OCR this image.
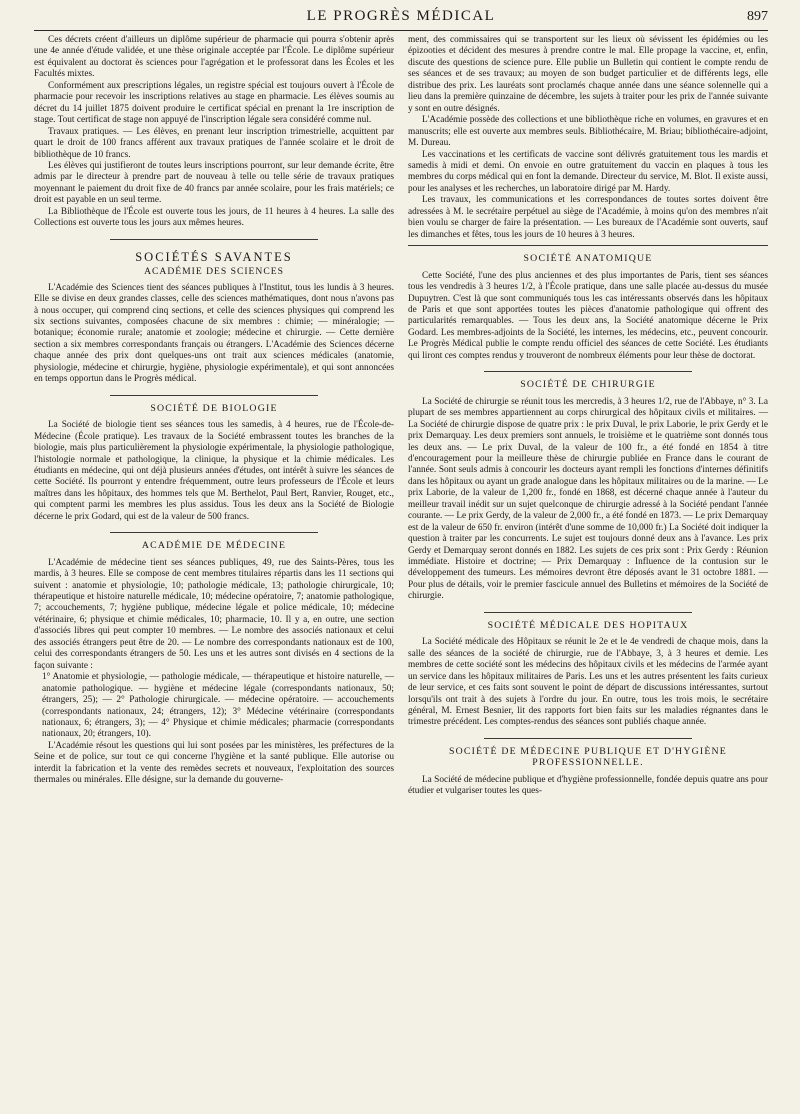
LE PROGRÈS MÉDICAL	897

Ces décrets créent d'ailleurs un diplôme supérieur de pharmacie qui pourra s'obtenir après une 4e année d'étude validée, et une thèse originale acceptée par l'École. Le diplôme supérieur est équivalent au doctorat ès sciences pour l'agrégation et le professorat dans les Écoles et les Facultés mixtes.

Conformément aux prescriptions légales, un registre spécial est toujours ouvert à l'École de pharmacie pour recevoir les inscriptions relatives au stage en pharmacie. Les élèves soumis au décret du 14 juillet 1875 doivent produire le certificat spécial en prenant la 1re inscription de stage. Tout certificat de stage non appuyé de l'inscription légale sera considéré comme nul.

Travaux pratiques. — Les élèves, en prenant leur inscription trimestrielle, acquittent par quart le droit de 100 francs afférent aux travaux pratiques de l'année scolaire et le droit de bibliothèque de 10 francs.

Les élèves qui justifieront de toutes leurs inscriptions pourront, sur leur demande écrite, être admis par le directeur à prendre part de nouveau à telle ou telle série de travaux pratiques moyennant le paiement du droit fixe de 40 francs par année scolaire, pour les frais matériels; ce droit est payable en un seul terme.

La Bibliothèque de l'École est ouverte tous les jours, de 11 heures à 4 heures. La salle des Collections est ouverte tous les jours aux mêmes heures.

SOCIÉTÉS SAVANTES
ACADÉMIE DES SCIENCES

L'Académie des Sciences tient des séances publiques à l'Institut, tous les lundis à 3 heures. Elle se divise en deux grandes classes, celle des sciences mathématiques, dont nous n'avons pas à nous occuper, qui comprend cinq sections, et celle des sciences physiques qui comprend les six sections suivantes, composées chacune de six membres : chimie; — minéralogie; — botanique; économie rurale; anatomie et zoologie; médecine et chirurgie. — Cette dernière section a six membres correspondants français ou étrangers. L'Académie des Sciences décerne chaque année des prix dont quelques-uns ont trait aux sciences médicales (anatomie, physiologie, médecine et chirurgie, hygiène, physiologie expérimentale), et qui sont annoncées en temps opportun dans le Progrès médical.

SOCIÉTÉ DE BIOLOGIE

La Société de biologie tient ses séances tous les samedis, à 4 heures, rue de l'École-de-Médecine (École pratique). Les travaux de la Société embrassent toutes les branches de la biologie, mais plus particulièrement la physiologie expérimentale, la physiologie pathologique, l'histologie normale et pathologique, la clinique, la physique et la chimie médicales. Les étudiants en médecine, qui ont déjà plusieurs années d'études, ont intérêt à suivre les séances de cette Société. Ils pourront y entendre fréquemment, outre leurs professeurs de l'École et leurs maîtres dans les hôpitaux, des hommes tels que M. Berthelot, Paul Bert, Ranvier, Rouget, etc., qui comptent parmi les membres les plus assidus. Tous les deux ans la Société de Biologie décerne le prix Godard, qui est de la valeur de 500 francs.

ACADÉMIE DE MÉDECINE

L'Académie de médecine tient ses séances publiques, 49, rue des Saints-Pères, tous les mardis, à 3 heures. Elle se compose de cent membres titulaires répartis dans les 11 sections qui suivent : anatomie et physiologie, 10; pathologie médicale, 13; pathologie chirurgicale, 10; thérapeutique et histoire naturelle médicale, 10; médecine opératoire, 7; anatomie pathologique, 7; accouchements, 7; hygiène publique, médecine légale et police médicale, 10; médecine vétérinaire, 6; physique et chimie médicales, 10; pharmacie, 10. Il y a, en outre, une section d'associés libres qui peut compter 10 membres. — Le nombre des associés nationaux et celui des associés étrangers peut être de 20. — Le nombre des correspondants nationaux est de 100, celui des correspondants étrangers de 50. Les uns et les autres sont divisés en 4 sections de la façon suivante :

1° Anatomie et physiologie, — pathologie médicale, — thérapeutique et histoire naturelle, — anatomie pathologique. — hygiène et médecine légale (correspondants nationaux, 50; étrangers, 25); — 2° Pathologie chirurgicale. — médecine opératoire. — accouchements (correspondants nationaux, 24; étrangers, 12); 3° Médecine vétérinaire (correspondants nationaux, 6; étrangers, 3); — 4° Physique et chimie médicales; pharmacie (correspondants nationaux, 20; étrangers, 10).

L'Académie résout les questions qui lui sont posées par les ministères, les préfectures de la Seine et de police, sur tout ce qui concerne l'hygiène et la santé publique. Elle autorise ou interdit la fabrication et la vente des remèdes secrets et nouveaux, l'exploitation des sources thermales ou minérales. Elle désigne, sur la demande du gouverne-

ment, des commissaires qui se transportent sur les lieux où sévissent les épidémies ou les épizooties et décident des mesures à prendre contre le mal. Elle propage la vaccine, et, enfin, discute des questions de science pure. Elle publie un Bulletin qui contient le compte rendu de ses séances et de ses travaux; au moyen de son budget particulier et de différents legs, elle distribue des prix. Les lauréats sont proclamés chaque année dans une séance solennelle qui a lieu dans la première quinzaine de décembre, les sujets à traiter pour les prix de l'année suivante y sont en outre désignés.

L'Académie possède des collections et une bibliothèque riche en volumes, en gravures et en manuscrits; elle est ouverte aux membres seuls. Bibliothécaire, M. Briau; bibliothécaire-adjoint, M. Dureau.

Les vaccinations et les certificats de vaccine sont délivrés gratuitement tous les mardis et samedis à midi et demi. On envoie en outre gratuitement du vaccin en plaques à tous les membres du corps médical qui en font la demande. Directeur du service, M. Blot. Il existe aussi, pour les analyses et les recherches, un laboratoire dirigé par M. Hardy.

Les travaux, les communications et les correspondances de toutes sortes doivent être adressées à M. le secrétaire perpétuel au siège de l'Académie, à moins qu'on des membres n'ait bien voulu se charger de faire la présentation. — Les bureaux de l'Académie sont ouverts, sauf les dimanches et fêtes, tous les jours de 10 heures à 3 heures.

SOCIÉTÉ ANATOMIQUE

Cette Société, l'une des plus anciennes et des plus importantes de Paris, tient ses séances tous les vendredis à 3 heures 1/2, à l'École pratique, dans une salle placée au-dessus du musée Dupuytren. C'est là que sont communiqués tous les cas intéressants observés dans les hôpitaux de Paris et que sont apportées toutes les pièces d'anatomie pathologique qui offrent des particularités remarquables. — Tous les deux ans, la Société anatomique décerne le Prix Godard. Les membres-adjoints de la Société, les internes, les médecins, etc., peuvent concourir. Le Progrès Médical publie le compte rendu officiel des séances de cette Société. Les étudiants qui liront ces comptes rendus y trouveront de nombreux éléments pour leur thèse de doctorat.

SOCIÉTÉ DE CHIRURGIE

La Société de chirurgie se réunit tous les mercredis, à 3 heures 1/2, rue de l'Abbaye, n° 3. La plupart de ses membres appartiennent au corps chirurgical des hôpitaux civils et militaires. — La Société de chirurgie dispose de quatre prix : le prix Duval, le prix Laborie, le prix Gerdy et le prix Demarquay. Les deux premiers sont annuels, le troisième et le quatrième sont donnés tous les deux ans. — Le prix Duval, de la valeur de 100 fr., a été fondé en 1854 à titre d'encouragement pour la meilleure thèse de chirurgie publiée en France dans le courant de l'année. Sont seuls admis à concourir les docteurs ayant rempli les fonctions d'internes définitifs dans les hôpitaux ou ayant un grade analogue dans les hôpitaux militaires ou de la marine. — Le prix Laborie, de la valeur de 1,200 fr., fondé en 1868, est décerné chaque année à l'auteur du meilleur travail inédit sur un sujet quelconque de chirurgie adressé à la Société pendant l'année courante. — Le prix Gerdy, de la valeur de 2,000 fr., a été fondé en 1873. — Le prix Demarquay est de la valeur de 650 fr. environ (intérêt d'une somme de 10,000 fr.) La Société doit indiquer la question à traiter par les concurrents. Le sujet est toujours donné deux ans à l'avance. Les prix Gerdy et Demarquay seront donnés en 1882. Les sujets de ces prix sont : Prix Gerdy : Réunion immédiate. Histoire et doctrine; — Prix Demarquay : Influence de la contusion sur le développement des tumeurs. Les mémoires devront être déposés avant le 31 octobre 1881. — Pour plus de détails, voir le premier fascicule annuel des Bulletins et mémoires de la Société de chirurgie.

SOCIÉTÉ MÉDICALE DES HOPITAUX

La Société médicale des Hôpitaux se réunit le 2e et le 4e vendredi de chaque mois, dans la salle des séances de la société de chirurgie, rue de l'Abbaye, 3, à 3 heures et demie. Les membres de cette société sont les médecins des hôpitaux civils et les médecins de l'armée ayant un service dans les hôpitaux militaires de Paris. Les uns et les autres présentent les faits curieux de leur service, et ces faits sont souvent le point de départ de discussions intéressantes, surtout lorsqu'ils ont trait à des sujets à l'ordre du jour. En outre, tous les trois mois, le secrétaire général, M. Ernest Besnier, lit des rapports fort bien faits sur les maladies régnantes dans le trimestre précédent. Les comptes-rendus des séances sont publiés chaque année.

SOCIÉTÉ DE MÉDECINE PUBLIQUE ET D'HYGIÈNE PROFESSIONNELLE.

La Société de médecine publique et d'hygiène professionnelle, fondée depuis quatre ans pour étudier et vulgariser toutes les ques-
